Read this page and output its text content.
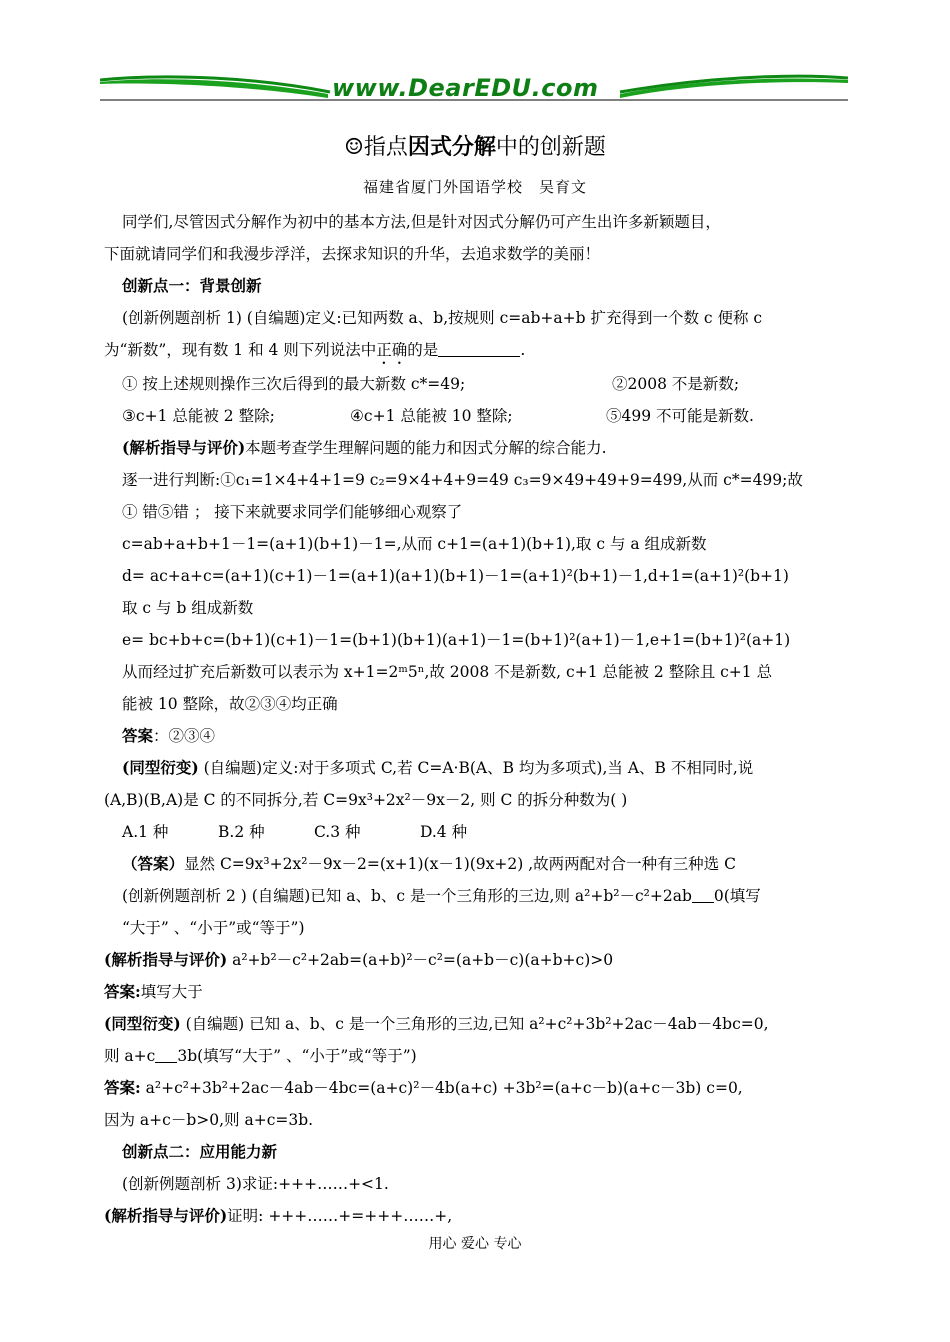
www.DearEDU.com
☺指点因式分解中的创新题
福建省厦门外国语学校　吴育文

同学们,尽管因式分解作为初中的基本方法,但是针对因式分解仍可产生出许多新颖题目，

下面就请同学们和我漫步浮洋，去探求知识的升华，去追求数学的美丽！

创新点一：背景创新

(创新例题剖析 1) (自编题)定义:已知两数 a、b,按规则 c=ab+a+b 扩充得到一个数 c 便称 c

为“新数”，现有数 1 和 4 则下列说法中正确的是	.

① 按上述规则操作三次后得到的最大新数 c*=49;	②2008 不是新数;

③c+1 总能被 2 整除;	④c+1 总能被 10 整除;	⑤499 不可能是新数.

(解析指导与评价)本题考查学生理解问题的能力和因式分解的综合能力.

逐一进行判断:①c₁=1×4+4+1=9 c₂=9×4+4+9=49 c₃=9×49+49+9=499,从而 c*=499;故

① 错⑤错 ； 接下来就要求同学们能够细心观察了

c=ab+a+b+1－1=(a+1)(b+1)－1=,从而 c+1=(a+1)(b+1),取 c 与 a 组成新数

d= ac+a+c=(a+1)(c+1)－1=(a+1)(a+1)(b+1)－1=(a+1)²(b+1)－1,d+1=(a+1)²(b+1)

取 c 与 b 组成新数

e= bc+b+c=(b+1)(c+1)－1=(b+1)(b+1)(a+1)－1=(b+1)²(a+1)－1,e+1=(b+1)²(a+1)

从而经过扩充后新数可以表示为 x+1=2ᵐ5ⁿ,故 2008 不是新数, c+1 总能被 2 整除且 c+1 总

能被 10 整除，故②③④均正确

答案：②③④

(同型衍变) (自编题)定义:对于多项式 C,若 C=A·B(A、B 均为多项式),当 A、B 不相同时,说

(A,B)(B,A)是 C 的不同拆分,若 C=9x³+2x²－9x－2, 则 C 的拆分种数为( )

A.1 种	B.2 种	C.3 种	D.4 种

（答案）显然 C=9x³+2x²－9x－2=(x+1)(x－1)(9x+2) ,故两两配对合一种有三种选 C

(创新例题剖析 2 ) (自编题)已知 a、b、c 是一个三角形的三边,则 a²+b²－c²+2ab 0(填写

“大于” 、“小于”或“等于”)

(解析指导与评价) a²+b²－c²+2ab=(a+b)²－c²=(a+b－c)(a+b+c)>0

答案:填写大于

(同型衍变) (自编题) 已知 a、b、c 是一个三角形的三边,已知 a²+c²+3b²+2ac－4ab－4bc=0,

则 a+c 3b(填写“大于” 、“小于”或“等于”)

答案: a²+c²+3b²+2ac－4ab－4bc=(a+c)²－4b(a+c) +3b²=(a+c－b)(a+c－3b) c=0,

因为 a+c－b>0,则 a+c=3b.

创新点二：应用能力新

(创新例题剖析 3)求证:+++……+<1.

(解析指导与评价)证明: +++……+=+++……+,

用心 爱心 专心
